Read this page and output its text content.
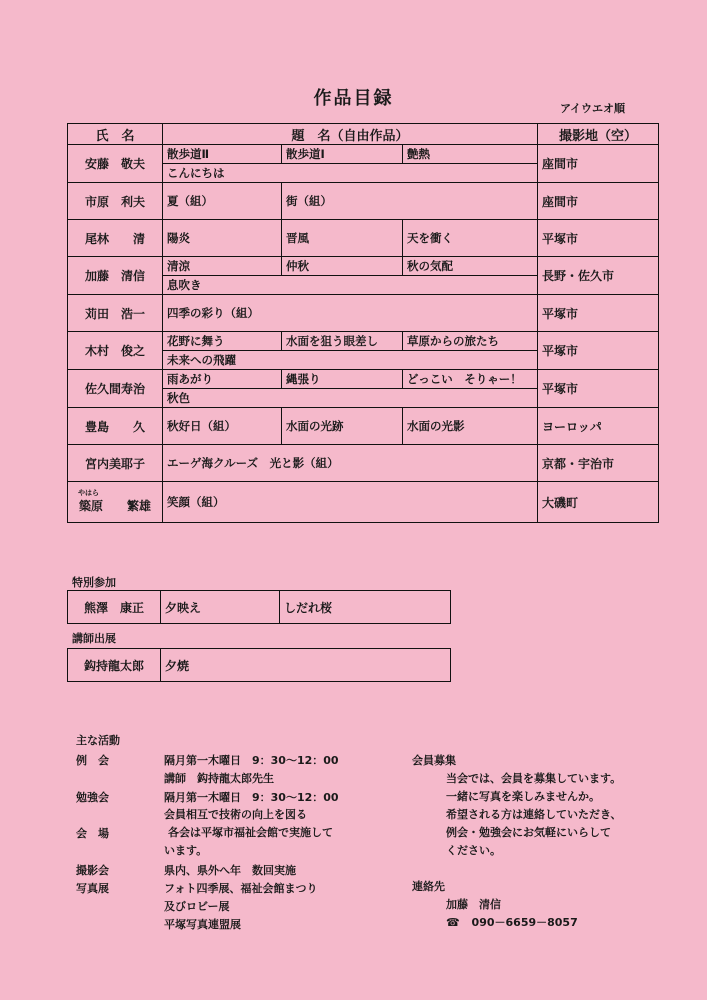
作品目録	アイウエオ順
氏　名	題　名（自由作品）			撮影地（空）
安藤　敬夫	散歩道Ⅱ	散歩道Ⅰ	艶熱	座間市
	こんにちは			
市原　利夫	夏（組）	街（組）		座間市
尾林　　清	陽炎	晋風	天を衝く	平塚市
加藤　清信	清涼	仲秋	秋の気配	長野・佐久市
	息吹き			
苅田　浩一	四季の彩り（組）			平塚市
木村　俊之	花野に舞う	水面を狙う眼差し	草原からの旅たち	平塚市
	未来への飛躍			
佐久間寿治	雨あがり	縄張り	どっこい　そりゃー！	平塚市
	秋色			
豊島　　久	秋好日（組）	水面の光跡	水面の光影	ヨーロッパ
宮内美耶子	エーゲ海クルーズ　光と影（組）			京都・宇治市

やはら
簗原　　繁雄	笑顔（組）			大磯町
特別参加
熊澤　康正	夕映え	しだれ桜
講師出展
鈎持龍太郎	夕焼
主な活動
例　会	隔月第一木曜日　9：30～12：00
講師　鈎持龍太郎先生
勉強会	隔月第一木曜日　9：30～12：00
会員相互で技術の向上を図る
会　場	各会は平塚市福祉会館で実施して
います。
撮影会	県内、県外へ年　数回実施
写真展	フォト四季展、福祉会館まつり
及びロビー展
平塚写真連盟展
会員募集
当会では、会員を募集しています。
一緒に写真を楽しみませんか。
希望される方は連絡していただき、
例会・勉強会にお気軽にいらして
ください。
連絡先
加藤　清信
☎ 090－6659－8057
